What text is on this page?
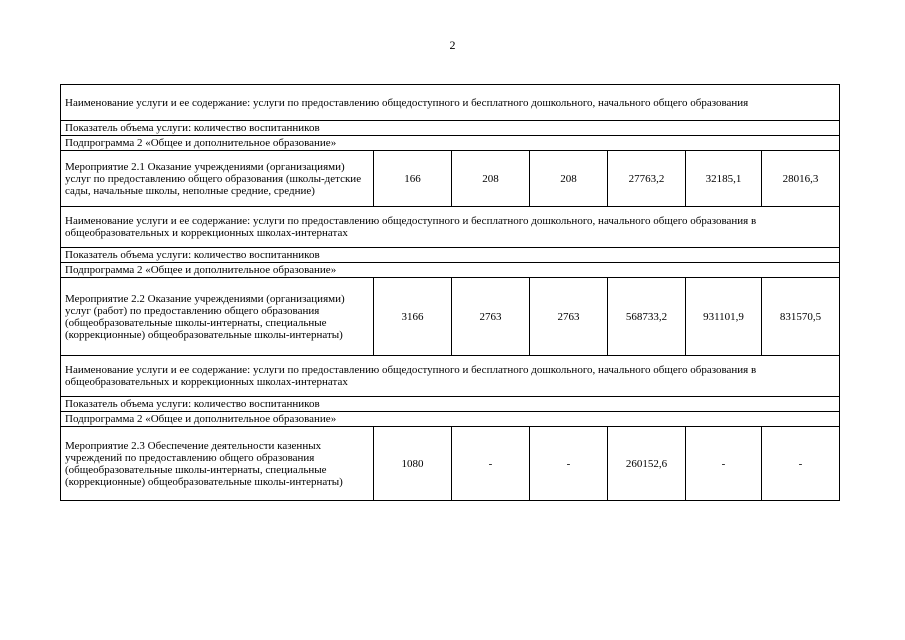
2
Наименование услуги и ее содержание: услуги по предоставлению общедоступного и бесплатного дошкольного, начального общего образования						
Показатель объема услуги: количество воспитанников						
Подпрограмма 2 «Общее и дополнительное образование»						
Мероприятие 2.1 Оказание учреждениями (организациями) услуг по предоставлению общего образования (школы-детские сады, начальные школы, неполные средние, средние)	166	208	208	27763,2	32185,1	28016,3
Наименование услуги и ее содержание: услуги по предоставлению общедоступного и бесплатного дошкольного, начального общего образования в общеобразовательных и коррекционных школах-интернатах						
Показатель объема услуги: количество воспитанников						
Подпрограмма 2 «Общее и дополнительное образование»						
Мероприятие 2.2 Оказание учреждениями (организациями) услуг (работ) по предоставлению общего образования (общеобразовательные школы-интернаты, специальные (коррекционные) общеобразовательные школы-интернаты)	3166	2763	2763	568733,2	931101,9	831570,5
Наименование услуги и ее содержание: услуги по предоставлению общедоступного и бесплатного дошкольного, начального общего образования в общеобразовательных и коррекционных школах-интернатах						
Показатель объема услуги: количество воспитанников						
Подпрограмма 2 «Общее и дополнительное образование»						
Мероприятие 2.3 Обеспечение деятельности казенных учреждений по предоставлению общего образования (общеобразовательные школы-интернаты, специальные (коррекционные) общеобразовательные школы-интернаты)	1080	-	-	260152,6	-	-
